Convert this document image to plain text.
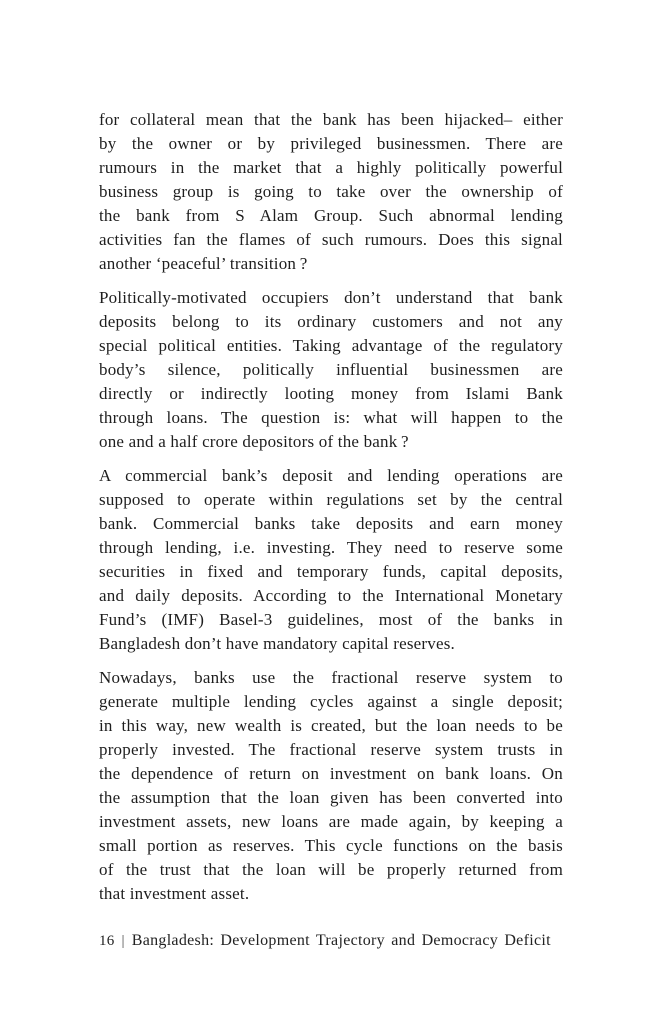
for collateral mean that the bank has been hijacked– either
by the owner or by privileged businessmen. There are
rumours in the market that a highly politically powerful
business group is going to take over the ownership of
the bank from S Alam Group. Such abnormal lending
activities fan the flames of such rumours. Does this signal
another ‘peaceful’ transition ?
Politically-motivated occupiers don’t understand that bank
deposits belong to its ordinary customers and not any
special political entities. Taking advantage of the regulatory
body’s silence, politically influential businessmen are
directly or indirectly looting money from Islami Bank
through loans. The question is: what will happen to the
one and a half crore depositors of the bank ?
A commercial bank’s deposit and lending operations are
supposed to operate within regulations set by the central
bank. Commercial banks take deposits and earn money
through lending, i.e. investing. They need to reserve some
securities in fixed and temporary funds, capital deposits,
and daily deposits. According to the International Monetary
Fund’s (IMF) Basel-3 guidelines, most of the banks in
Bangladesh don’t have mandatory capital reserves.
Nowadays, banks use the fractional reserve system to
generate multiple lending cycles against a single deposit;
in this way, new wealth is created, but the loan needs to be
properly invested. The fractional reserve system trusts in
the dependence of return on investment on bank loans. On
the assumption that the loan given has been converted into
investment assets, new loans are made again, by keeping a
small portion as reserves. This cycle functions on the basis
of the trust that the loan will be properly returned from
that investment asset.
16 | Bangladesh: Development Trajectory and Democracy Deficit
